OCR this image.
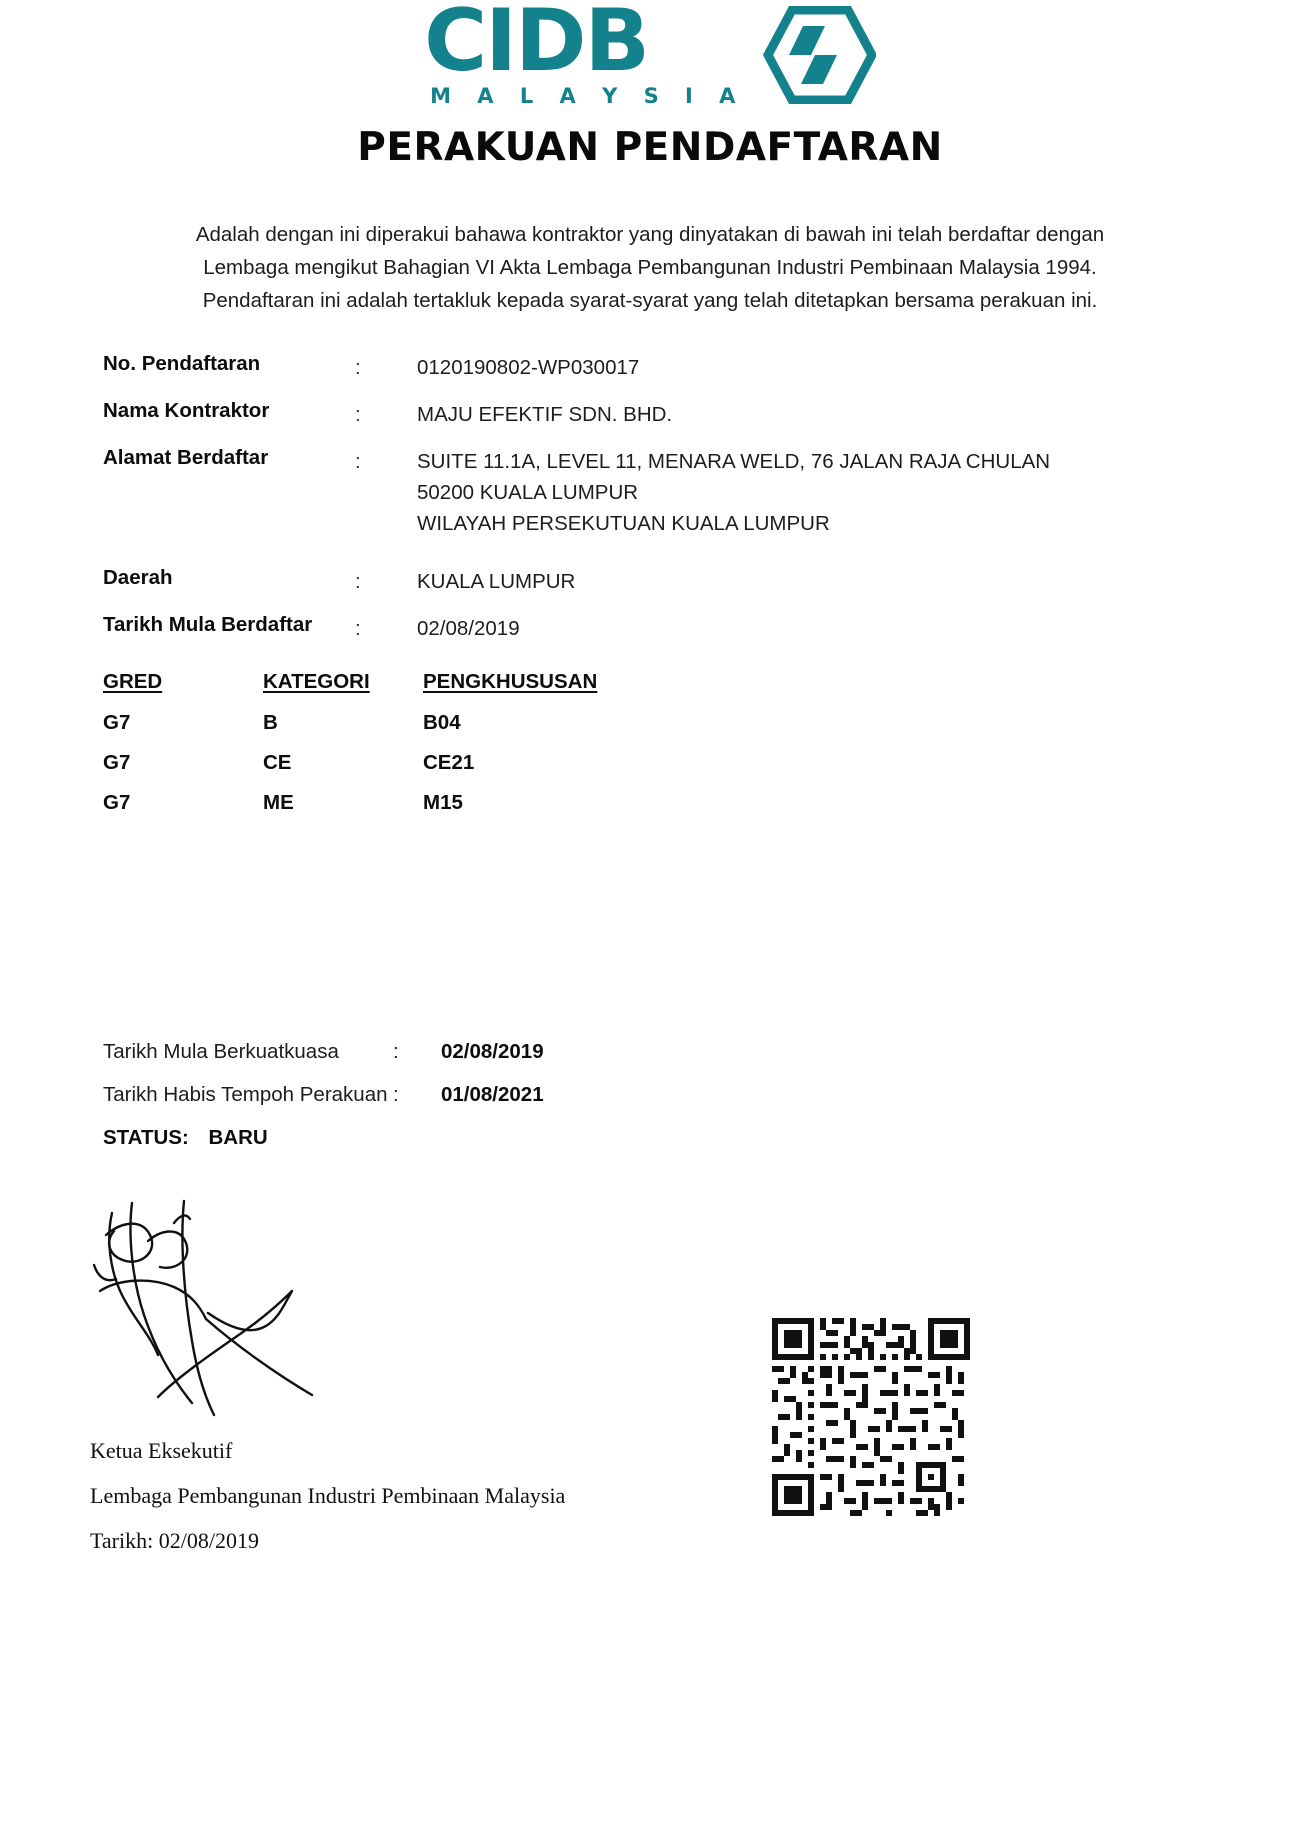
CIDB
M A L A Y S I A
PERAKUAN PENDAFTARAN
Adalah dengan ini diperakui bahawa kontraktor yang dinyatakan di bawah ini telah berdaftar dengan
Lembaga mengikut Bahagian VI Akta Lembaga Pembangunan Industri Pembinaan Malaysia 1994.
Pendaftaran ini adalah tertakluk kepada syarat-syarat yang telah ditetapkan bersama perakuan ini.
No. Pendaftaran	:	0120190802-WP030017
Nama Kontraktor	:	MAJU EFEKTIF SDN. BHD.
Alamat Berdaftar	:	SUITE 11.1A, LEVEL 11, MENARA WELD, 76 JALAN RAJA CHULAN
50200 KUALA LUMPUR
WILAYAH PERSEKUTUAN KUALA LUMPUR
Daerah	:	KUALA LUMPUR
Tarikh Mula Berdaftar	:	02/08/2019
GRED	KATEGORI	PENGKHUSUSAN
G7	B	B04
G7	CE	CE21
G7	ME	M15
Tarikh Mula Berkuatkuasa	:	02/08/2019
Tarikh Habis Tempoh Perakuan :	01/08/2021
STATUS: BARU
Ketua Eksekutif
Lembaga Pembangunan Industri Pembinaan Malaysia
Tarikh: 02/08/2019
